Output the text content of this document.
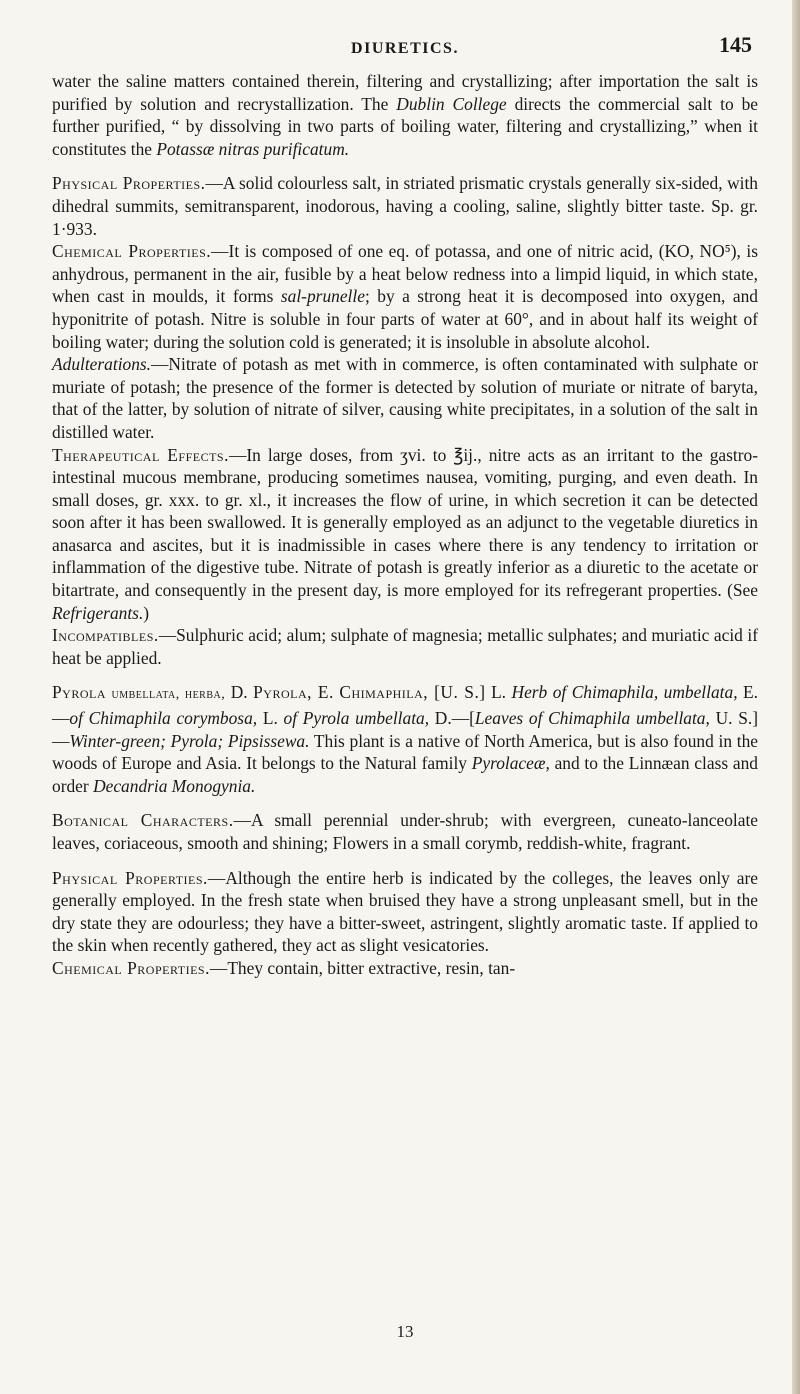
DIURETICS.	145

water the saline matters contained therein, filtering and crystallizing; after importation the salt is purified by solution and recrystallization. The Dublin College directs the commercial salt to be further purified, “ by dissolving in two parts of boiling water, filtering and crystallizing,” when it constitutes the Potassæ nitras purificatum.

Physical Properties.—A solid colourless salt, in striated prismatic crystals generally six-sided, with dihedral summits, semitransparent, inodorous, having a cooling, saline, slightly bitter taste. Sp. gr. 1·933.

Chemical Properties.—It is composed of one eq. of potassa, and one of nitric acid, (KO, NO⁵), is anhydrous, permanent in the air, fusible by a heat below redness into a limpid liquid, in which state, when cast in moulds, it forms sal-prunelle; by a strong heat it is decomposed into oxygen, and hyponitrite of potash. Nitre is soluble in four parts of water at 60°, and in about half its weight of boiling water; during the solution cold is generated; it is insoluble in absolute alcohol.

Adulterations.—Nitrate of potash as met with in commerce, is often contaminated with sulphate or muriate of potash; the presence of the former is detected by solution of muriate or nitrate of baryta, that of the latter, by solution of nitrate of silver, causing white precipitates, in a solution of the salt in distilled water.

Therapeutical Effects.—In large doses, from ʒvi. to ℥ij., nitre acts as an irritant to the gastro-intestinal mucous membrane, producing sometimes nausea, vomiting, purging, and even death. In small doses, gr. xxx. to gr. xl., it increases the flow of urine, in which secretion it can be detected soon after it has been swallowed. It is generally employed as an adjunct to the vegetable diuretics in anasarca and ascites, but it is inadmissible in cases where there is any tendency to irritation or inflammation of the digestive tube. Nitrate of potash is greatly inferior as a diuretic to the acetate or bitartrate, and consequently in the present day, is more employed for its refregerant properties. (See Refrigerants.)

Incompatibles.—Sulphuric acid; alum; sulphate of magnesia; metallic sulphates; and muriatic acid if heat be applied.

Pyrola umbellata, herba, D. Pyrola, E. Chimaphila, [U. S.] L. Herb of Chimaphila, umbellata, E.—of Chimaphila corymbosa, L. of Pyrola umbellata, D.—[Leaves of Chimaphila umbellata, U. S.]—Winter-green; Pyrola; Pipsissewa. This plant is a native of North America, but is also found in the woods of Europe and Asia. It belongs to the Natural family Pyrolaceæ, and to the Linnæan class and order Decandria Monogynia.

Botanical Characters.—A small perennial under-shrub; with evergreen, cuneato-lanceolate leaves, coriaceous, smooth and shining; Flowers in a small corymb, reddish-white, fragrant.

Physical Properties.—Although the entire herb is indicated by the colleges, the leaves only are generally employed. In the fresh state when bruised they have a strong unpleasant smell, but in the dry state they are odourless; they have a bitter-sweet, astringent, slightly aromatic taste. If applied to the skin when recently gathered, they act as slight vesicatories.

Chemical Properties.—They contain, bitter extractive, resin, tan-

13
